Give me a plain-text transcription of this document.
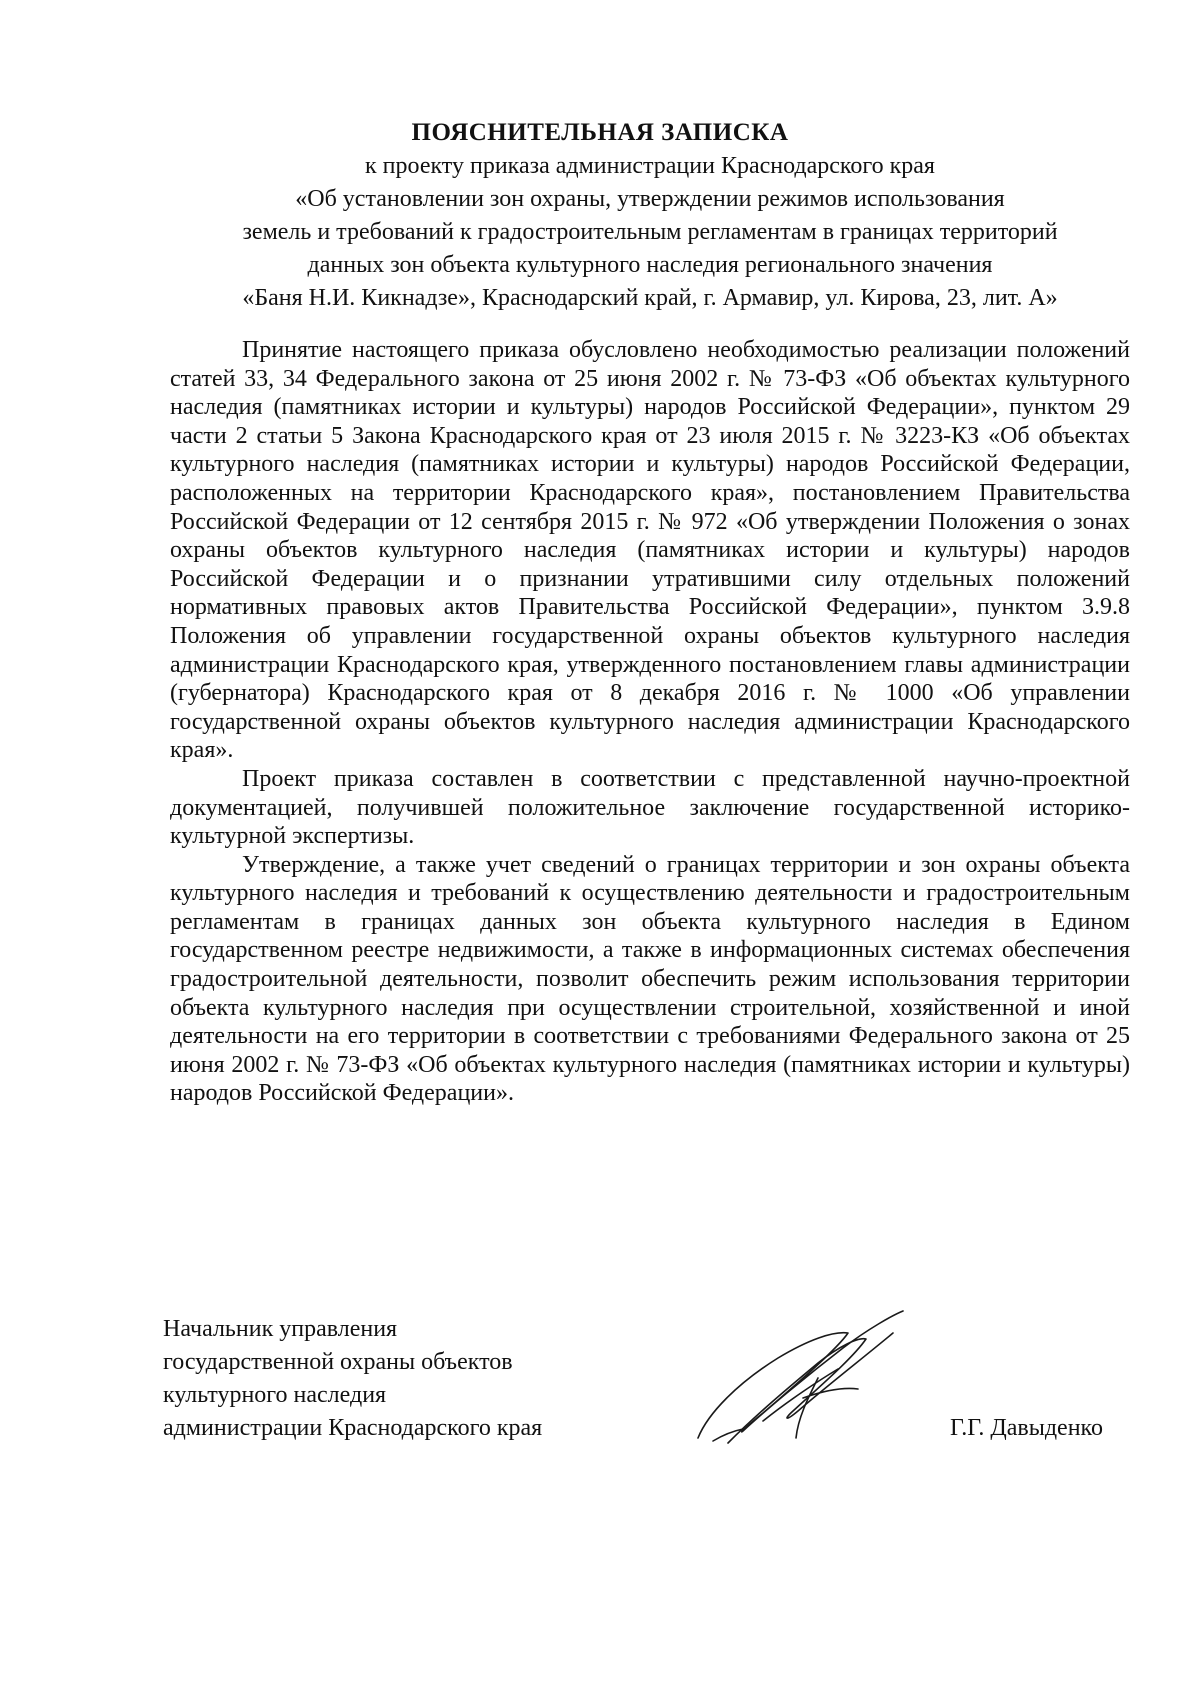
ПОЯСНИТЕЛЬНАЯ ЗАПИСКА
к проекту приказа администрации Краснодарского края
«Об установлении зон охраны, утверждении режимов использования
земель и требований к градостроительным регламентам в границах территорий
данных зон объекта культурного наследия регионального значения
«Баня Н.И. Кикнадзе», Краснодарский край, г. Армавир, ул. Кирова, 23, лит. А»

Принятие настоящего приказа обусловлено необходимостью реализации положений статей 33, 34 Федерального закона от 25 июня 2002 г. № 73-ФЗ «Об объектах культурного наследия (памятниках истории и культуры) народов Российской Федерации», пунктом 29 части 2 статьи 5 Закона Краснодарского края от 23 июля 2015 г. № 3223-КЗ «Об объектах культурного наследия (памятниках истории и культуры) народов Российской Федерации, расположенных на территории Краснодарского края», постановлением Правительства Российской Федерации от 12 сентября 2015 г. № 972 «Об утверждении Положения о зонах охраны объектов культурного наследия (памятниках истории и культуры) народов Российской Федерации и о признании утратившими силу отдельных положений нормативных правовых актов Правительства Российской Федерации», пунктом 3.9.8 Положения об управлении государственной охраны объектов культурного наследия администрации Краснодарского края, утвержденного постановлением главы администрации (губернатора) Краснодарского края от 8 декабря 2016 г. № 1000 «Об управлении государственной охраны объектов культурного наследия администрации Краснодарского края».

Проект приказа составлен в соответствии с представленной научно-проектной документацией, получившей положительное заключение государственной историко-культурной экспертизы.

Утверждение, а также учет сведений о границах территории и зон охраны объекта культурного наследия и требований к осуществлению деятельности и градостроительным регламентам в границах данных зон объекта культурного наследия в Едином государственном реестре недвижимости, а также в информационных системах обеспечения градостроительной деятельности, позволит обеспечить режим использования территории объекта культурного наследия при осуществлении строительной, хозяйственной и иной деятельности на его территории в соответствии с требованиями Федерального закона от 25 июня 2002 г. № 73-ФЗ «Об объектах культурного наследия (памятниках истории и культуры) народов Российской Федерации».

Начальник управления
государственной охраны объектов
культурного наследия
администрации Краснодарского края	Г.Г. Давыденко
